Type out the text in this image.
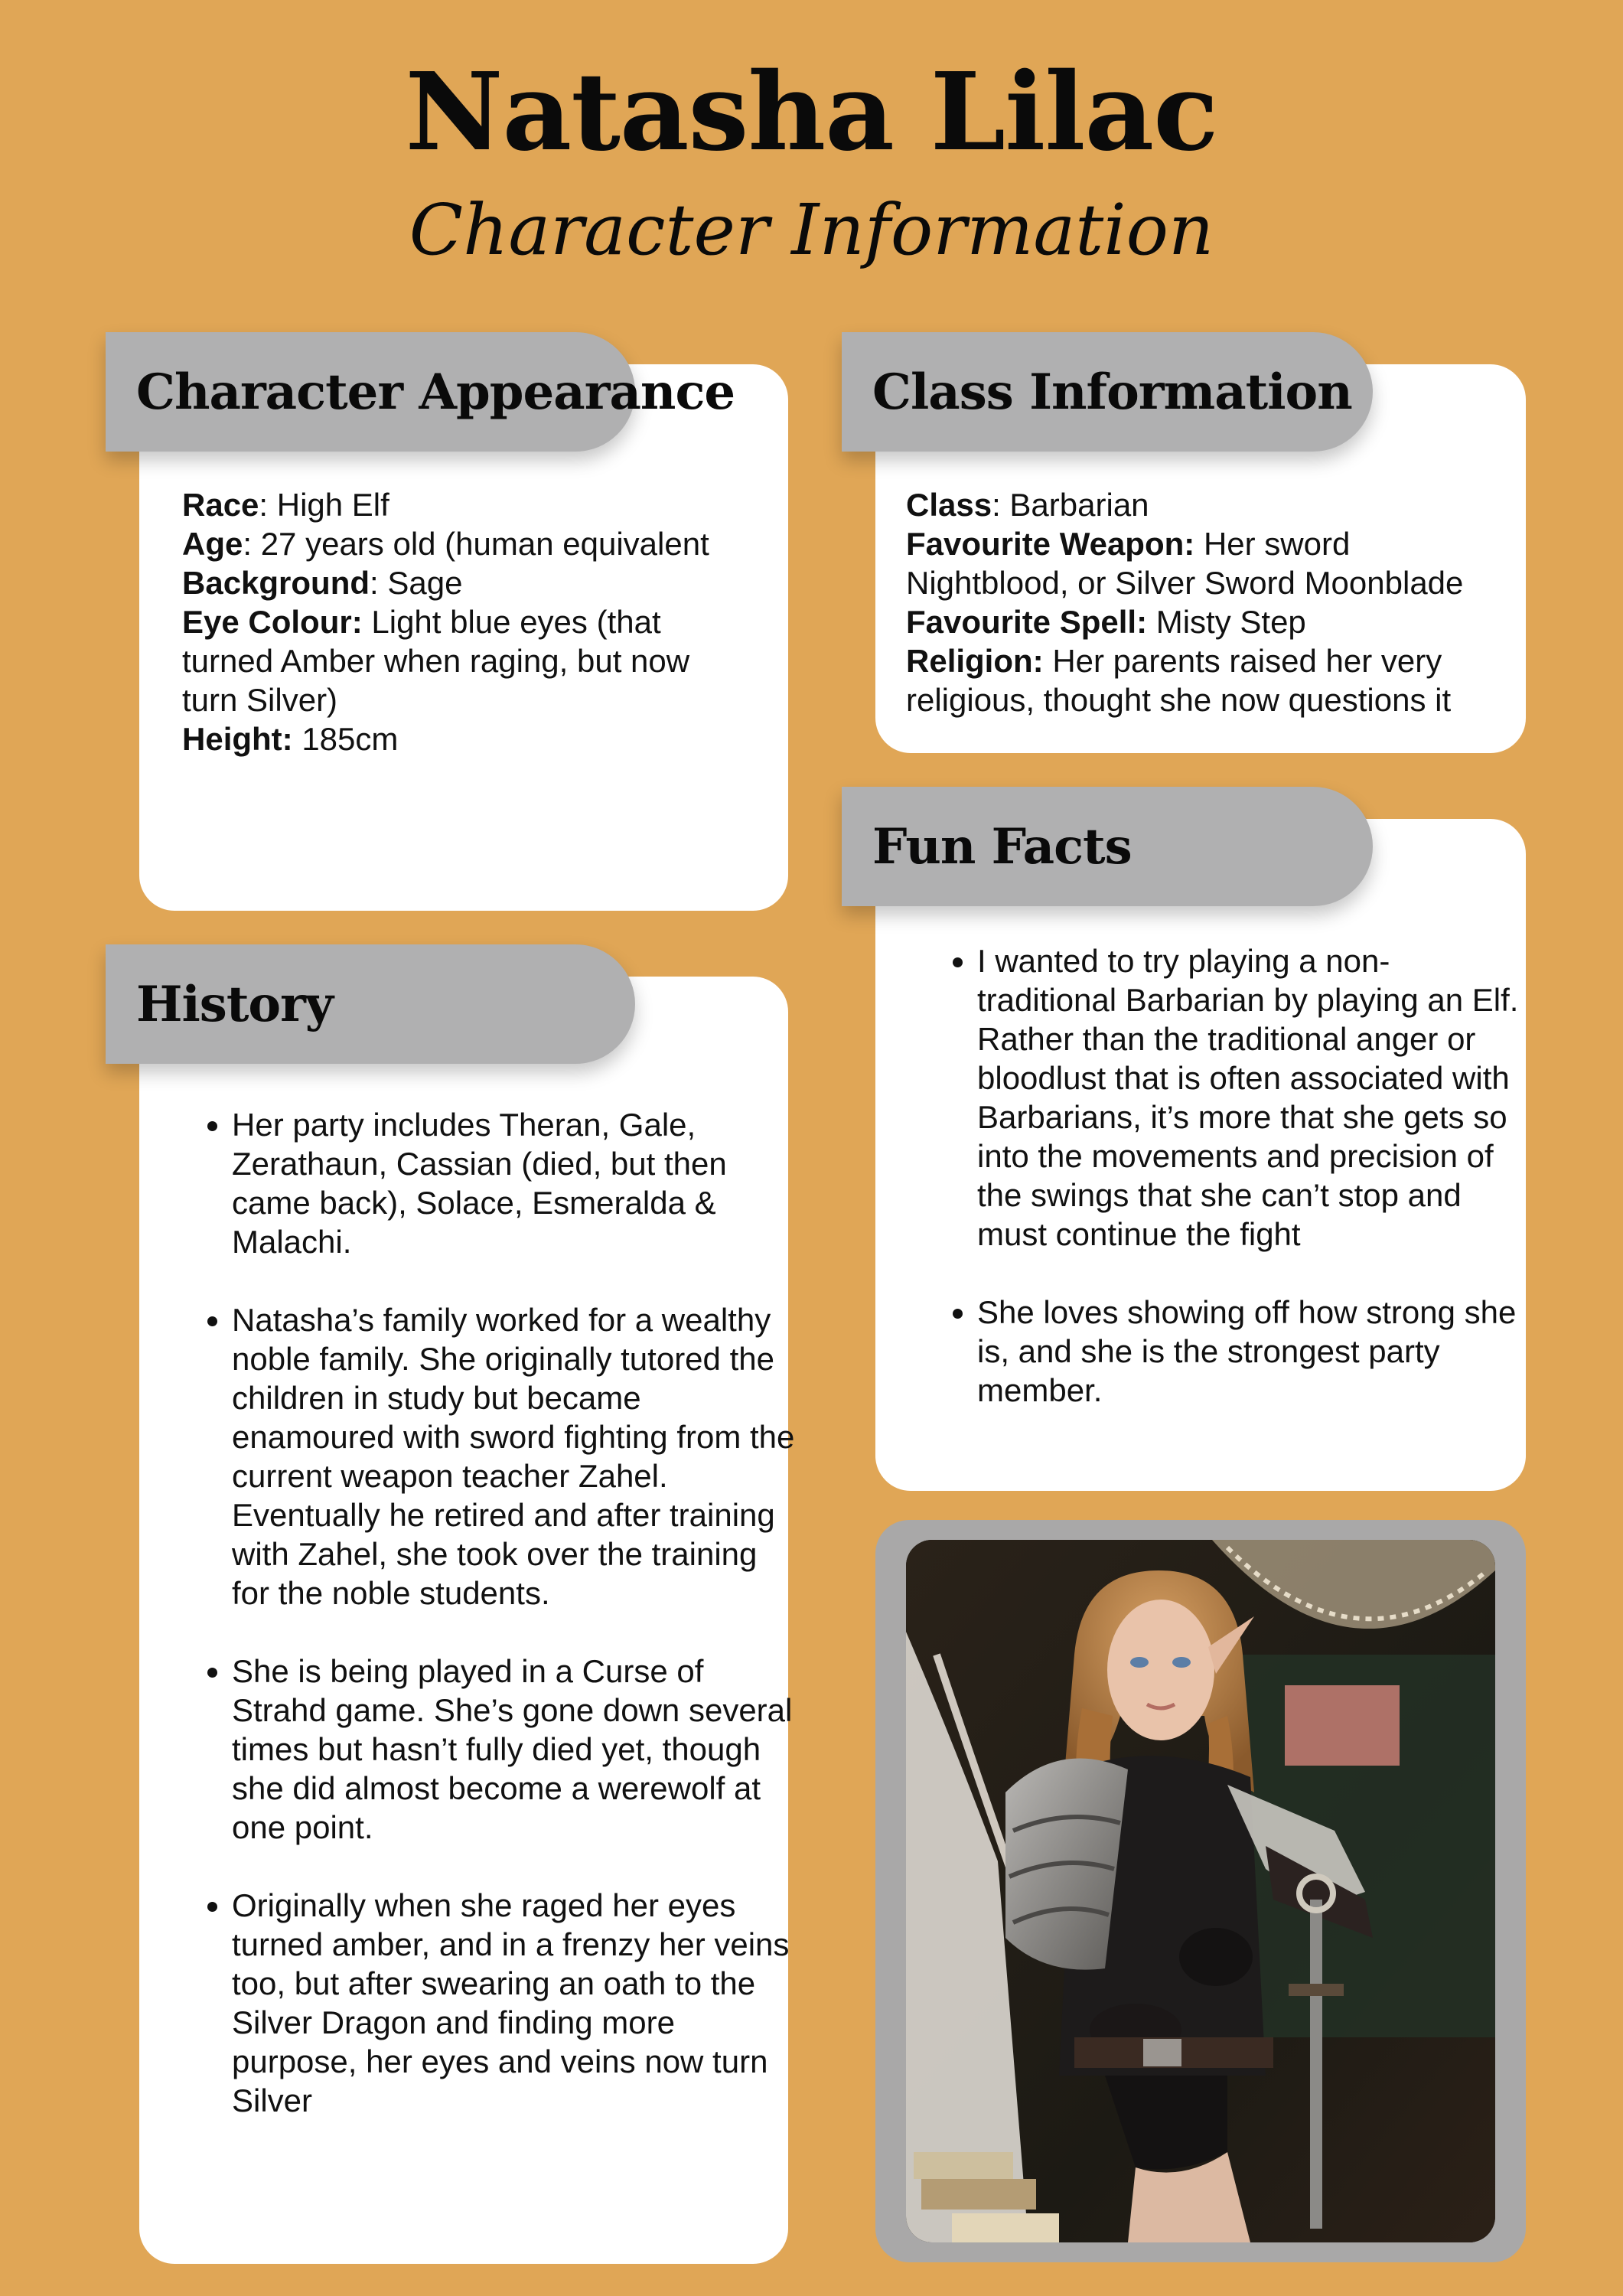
Natasha Lilac
Character Information
Character Appearance

Race: High Elf

Age: 27 years old (human equivalent

Background: Sage

Eye Colour: Light blue eyes (that turned Amber when raging, but now turn Silver)

Height: 185cm

Class Information

Class: Barbarian

Favourite Weapon: Her sword Nightblood, or Silver Sword Moonblade

Favourite Spell: Misty Step

Religion: Her parents raised her very religious, thought she now questions it

Fun Facts
• I wanted to try playing a non-traditional Barbarian by playing an Elf. Rather than the traditional anger or bloodlust that is often associated with Barbarians, it’s more that she gets so into the movements and precision of the swings that she can’t stop and must continue the fight
• She loves showing off how strong she is, and she is the strongest party member.
History
• Her party includes Theran, Gale, Zerathaun, Cassian (died, but then came back), Solace, Esmeralda & Malachi.
• Natasha’s family worked for a wealthy noble family. She originally tutored the children in study but became enamoured with sword fighting from the current weapon teacher Zahel. Eventually he retired and after training with Zahel, she took over the training for the noble students.
• She is being played in a Curse of Strahd game. She’s gone down several times but hasn’t fully died yet, though she did almost become a werewolf at one point.
• Originally when she raged her eyes turned amber, and in a frenzy her veins too, but after swearing an oath to the Silver Dragon and finding more purpose, her eyes and veins now turn Silver
